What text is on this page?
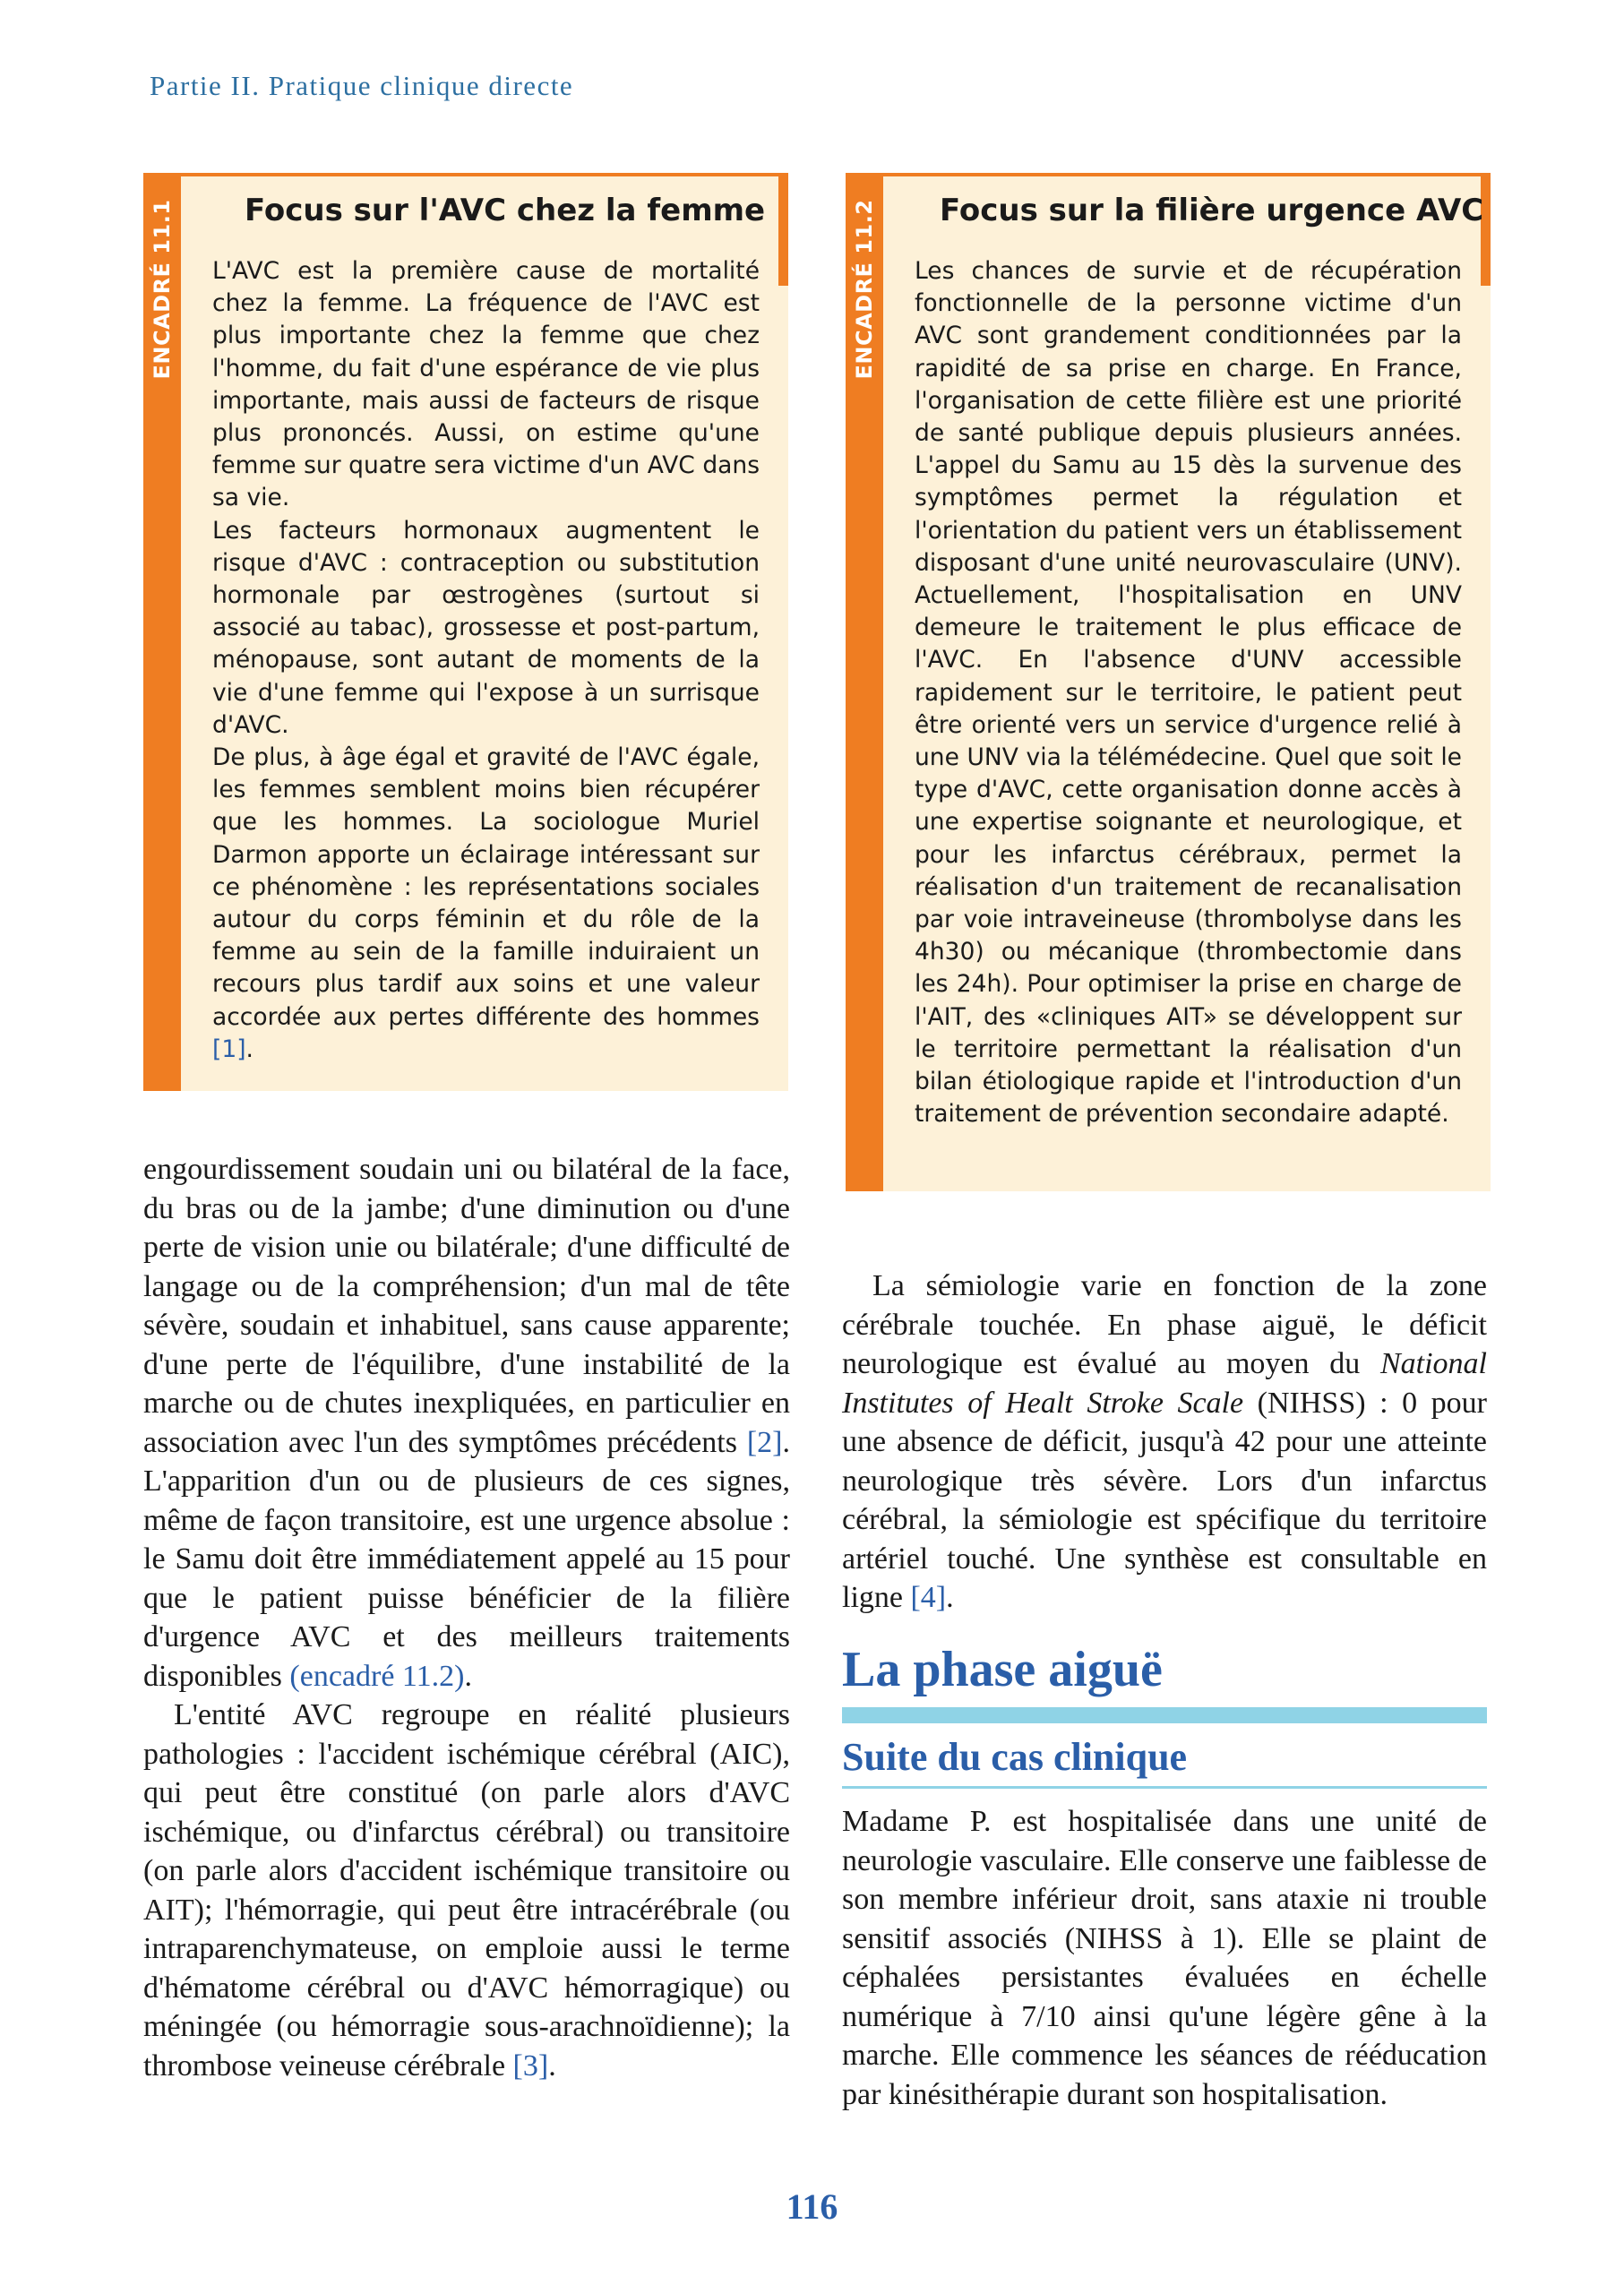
Partie II. Pratique clinique directe
ENCADRÉ 11.1 Focus sur l'AVC chez la femme

L'AVC est la première cause de mortalité chez la femme. La fréquence de l'AVC est plus importante chez la femme que chez l'homme, du fait d'une espérance de vie plus importante, mais aussi de facteurs de risque plus prononcés. Aussi, on estime qu'une femme sur quatre sera victime d'un AVC dans sa vie.

Les facteurs hormonaux augmentent le risque d'AVC : contraception ou substitution hormonale par œstrogènes (surtout si associé au tabac), grossesse et post-partum, ménopause, sont autant de moments de la vie d'une femme qui l'expose à un surrisque d'AVC.

De plus, à âge égal et gravité de l'AVC égale, les femmes semblent moins bien récupérer que les hommes. La sociologue Muriel Darmon apporte un éclairage intéressant sur ce phénomène : les représentations sociales autour du corps féminin et du rôle de la femme au sein de la famille induiraient un recours plus tardif aux soins et une valeur accordée aux pertes différente des hommes [1].

ENCADRÉ 11.2 Focus sur la filière urgence AVC

Les chances de survie et de récupération fonctionnelle de la personne victime d'un AVC sont grandement conditionnées par la rapidité de sa prise en charge. En France, l'organisation de cette filière est une priorité de santé publique depuis plusieurs années. L'appel du Samu au 15 dès la survenue des symptômes permet la régulation et l'orientation du patient vers un établissement disposant d'une unité neurovasculaire (UNV). Actuellement, l'hospitalisation en UNV demeure le traitement le plus efficace de l'AVC. En l'absence d'UNV accessible rapidement sur le territoire, le patient peut être orienté vers un service d'urgence relié à une UNV via la télémédecine. Quel que soit le type d'AVC, cette organisation donne accès à une expertise soignante et neurologique, et pour les infarctus cérébraux, permet la réalisation d'un traitement de recanalisation par voie intraveineuse (thrombolyse dans les 4h30) ou mécanique (thrombectomie dans les 24h). Pour optimiser la prise en charge de l'AIT, des «cliniques AIT» se développent sur le territoire permettant la réalisation d'un bilan étiologique rapide et l'introduction d'un traitement de prévention secondaire adapté.

engourdissement soudain uni ou bilatéral de la face, du bras ou de la jambe; d'une diminution ou d'une perte de vision unie ou bilatérale; d'une difficulté de langage ou de la compréhension; d'un mal de tête sévère, soudain et inhabituel, sans cause apparente; d'une perte de l'équilibre, d'une instabilité de la marche ou de chutes inexpliquées, en particulier en association avec l'un des symptômes précédents [2]. L'apparition d'un ou de plusieurs de ces signes, même de façon transitoire, est une urgence absolue : le Samu doit être immédiatement appelé au 15 pour que le patient puisse bénéficier de la filière d'urgence AVC et des meilleurs traitements disponibles (encadré 11.2).

L'entité AVC regroupe en réalité plusieurs pathologies : l'accident ischémique cérébral (AIC), qui peut être constitué (on parle alors d'AVC ischémique, ou d'infarctus cérébral) ou transitoire (on parle alors d'accident ischémique transitoire ou AIT); l'hémorragie, qui peut être intracérébrale (ou intraparenchymateuse, on emploie aussi le terme d'hématome cérébral ou d'AVC hémorragique) ou méningée (ou hémorragie sous-arachnoïdienne); la thrombose veineuse cérébrale [3].

La sémiologie varie en fonction de la zone cérébrale touchée. En phase aiguë, le déficit neurologique est évalué au moyen du National Institutes of Healt Stroke Scale (NIHSS) : 0 pour une absence de déficit, jusqu'à 42 pour une atteinte neurologique très sévère. Lors d'un infarctus cérébral, la sémiologie est spécifique du territoire artériel touché. Une synthèse est consultable en ligne [4].

La phase aiguë
Suite du cas clinique

Madame P. est hospitalisée dans une unité de neurologie vasculaire. Elle conserve une faiblesse de son membre inférieur droit, sans ataxie ni trouble sensitif associés (NIHSS à 1). Elle se plaint de céphalées persistantes évaluées en échelle numérique à 7/10 ainsi qu'une légère gêne à la marche. Elle commence les séances de rééducation par kinésithérapie durant son hospitalisation.

116
